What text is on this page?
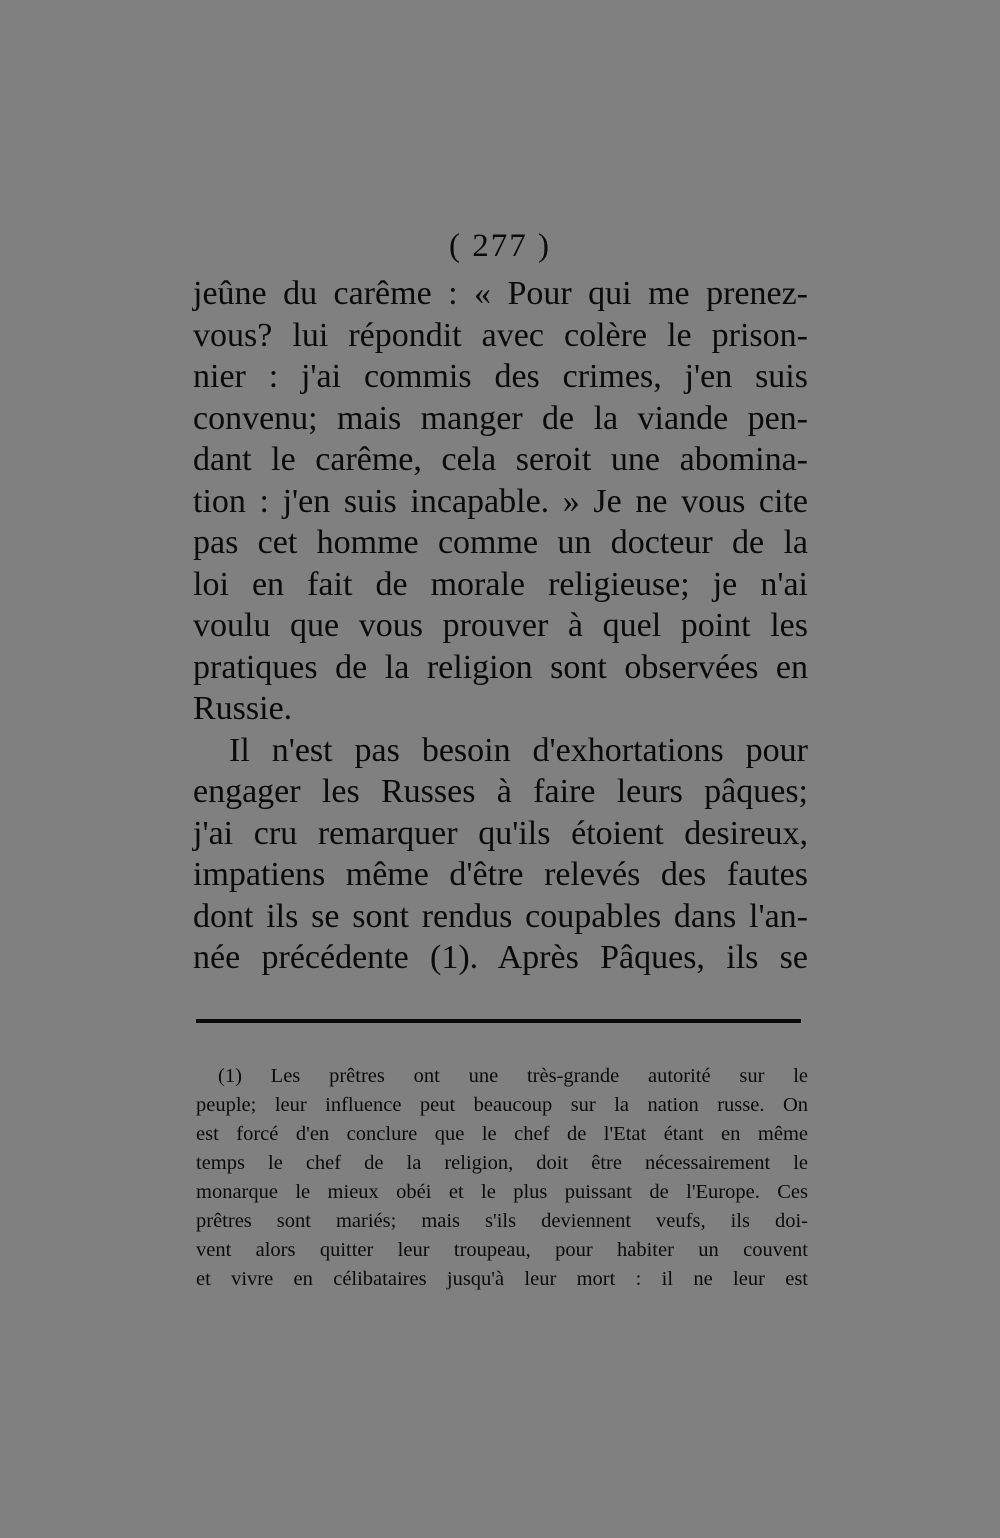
( 277 )
jeûne du carême : « Pour qui me prenez-
vous? lui répondit avec colère le prison-
nier : j'ai commis des crimes, j'en suis
convenu; mais manger de la viande pen-
dant le carême, cela seroit une abomina-
tion : j'en suis incapable. » Je ne vous cite
pas cet homme comme un docteur de la
loi en fait de morale religieuse; je n'ai
voulu que vous prouver à quel point les
pratiques de la religion sont observées en
Russie.
Il n'est pas besoin d'exhortations pour
engager les Russes à faire leurs pâques;
j'ai cru remarquer qu'ils étoient desireux,
impatiens même d'être relevés des fautes
dont ils se sont rendus coupables dans l'an-
née précédente (1). Après Pâques, ils se
(1) Les prêtres ont une très-grande autorité sur le
peuple; leur influence peut beaucoup sur la nation russe. On
est forcé d'en conclure que le chef de l'Etat étant en même
temps le chef de la religion, doit être nécessairement le
monarque le mieux obéi et le plus puissant de l'Europe. Ces
prêtres sont mariés; mais s'ils deviennent veufs, ils doi-
vent alors quitter leur troupeau, pour habiter un couvent
et vivre en célibataires jusqu'à leur mort : il ne leur est
